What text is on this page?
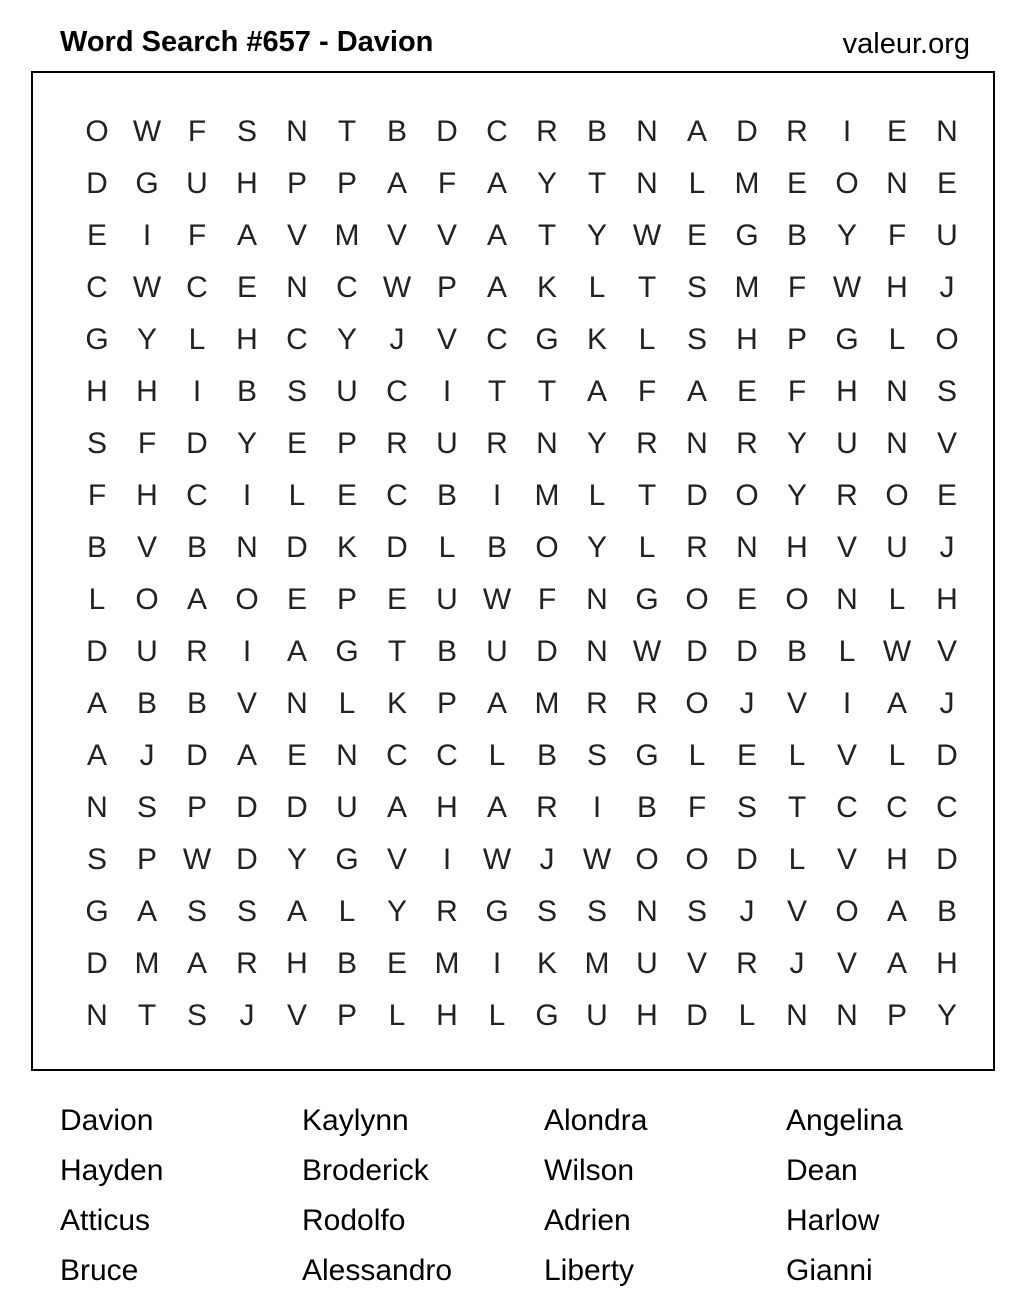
Word Search #657 - Davion	valeur.org
O W F	S N	T	B D C R B N A D R	I	E N
D G U H P P A	F	A Y	T	N	L M E O N E
E	I	F	A V M V V A	T	Y W E G B Y	F	U
C W C E N C W P A K	L	T	S M F W H	J
G Y	L	H C Y	J	V C G K	L	S H P G L O
H H	I	B S U C	I	T	T	A	F	A E	F	H N S
S	F	D Y E P R U R N Y R N R Y U N V
F	H C	I	L	E C B	I	M L	T	D O Y R O E
B V B N D K D	L	B O Y	L	R N H V U	J
L O A O E P E U W F	N G O E O N	L	H
D U R	I	A G T	B U D N W D D B	L W V
A B B V N	L	K P A M R R O	J	V	I	A	J
A	J	D A E N C C	L	B S G L	E	L	V	L	D
N S P D D U A H A R	I	B	F	S	T	C C C
S P W D Y G V	I	W J W O O D	L	V H D
G A S S A	L	Y R G S S N S	J	V O A B
D M A R H B E M	I	K M U V R	J	V A H
N	T	S	J	V P	L	H	L G U H D	L	N N P Y
Davion	Kaylynn	Alondra	Angelina
Hayden	Broderick	Wilson	Dean
Atticus	Rodolfo	Adrien	Harlow
Bruce	Alessandro	Liberty	Gianni
